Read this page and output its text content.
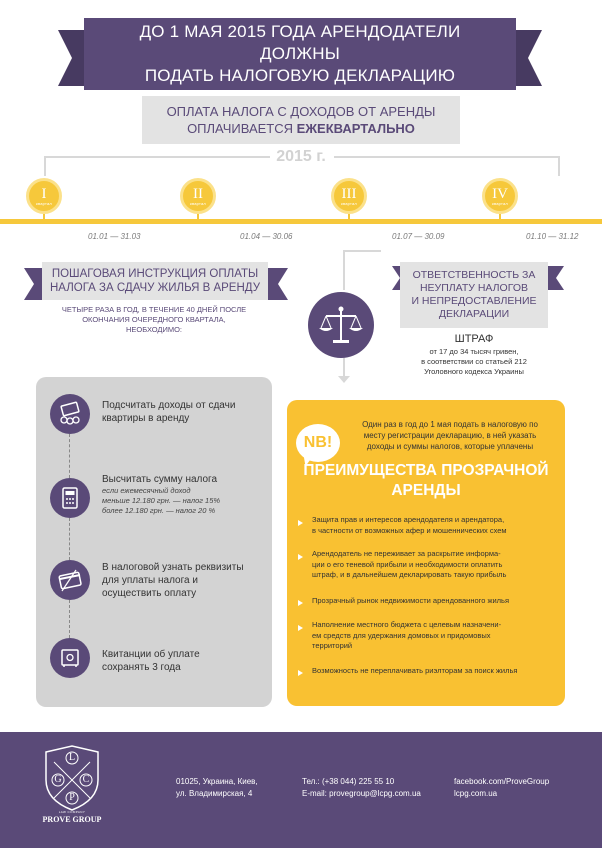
ДО 1 МАЯ 2015 ГОДА АРЕНДОДАТЕЛИ ДОЛЖНЫ
ПОДАТЬ НАЛОГОВУЮ ДЕКЛАРАЦИЮ
ОПЛАТА НАЛОГА С ДОХОДОВ ОТ АРЕНДЫ
ОПЛАЧИВАЕТСЯ ЕЖЕКВАРТАЛЬНО
2015 г.
I
квартал
II
квартал
III
квартал
IV
квартал
01.01 — 31.03	01.04 — 30.06	01.07 — 30.09	01.10 — 31.12
ПОШАГОВАЯ ИНСТРУКЦИЯ ОПЛАТЫ
НАЛОГА ЗА СДАЧУ ЖИЛЬЯ В АРЕНДУ
ЧЕТЫРЕ РАЗА В ГОД, В ТЕЧЕНИЕ 40 ДНЕЙ ПОСЛЕ
ОКОНЧАНИЯ ОЧЕРЕДНОГО КВАРТАЛА,
НЕОБХОДИМО:
ОТВЕТСТВЕННОСТЬ ЗА
НЕУПЛАТУ НАЛОГОВ
И НЕПРЕДОСТАВЛЕНИЕ
ДЕКЛАРАЦИИ
ШТРАФ
от 17 до 34 тысяч гривен,
в соответствии со статьей 212
Уголовного кодекса Украины
Подсчитать доходы от сдачи
квартиры в аренду
Высчитать сумму налога
если ежемесячный доход
меньше 12.180 грн. — налог 15%
более 12.180 грн. — налог 20 %
В налоговой узнать реквизиты
для уплаты налога и
осуществить оплату
Квитанции об уплате
сохранять 3 года
NB!
Один раз в год до 1 мая подать в налоговую по
месту регистрации декларацию, в ней указать
доходы и суммы налогов, которые уплачены
ПРЕИМУЩЕСТВА ПРОЗРАЧНОЙ
АРЕНДЫ
Защита прав и интересов арендодателя и арендатора,
в частности от возможных афер и мошеннических схем
Арендодатель не переживает за раскрытие информа-
ции о его теневой прибыли и необходимости оплатить
штраф, и в дальнейшем декларировать такую прибыль
Прозрачный рынок недвижимости арендованного жилья
Наполнение местного бюджета с целевым назначени-
ем средств для удержания домовых и придомовых
территорий
Возможность не переплачивать риэлторам за поиск жилья
L
G C
P
LAW COMPANY
PROVE GROUP
01025, Украина, Киев,
ул. Владимирская, 4
Тел.: (+38 044) 225 55 10
E-mail: provegroup@lcpg.com.ua
facebook.com/ProveGroup
lcpg.com.ua
